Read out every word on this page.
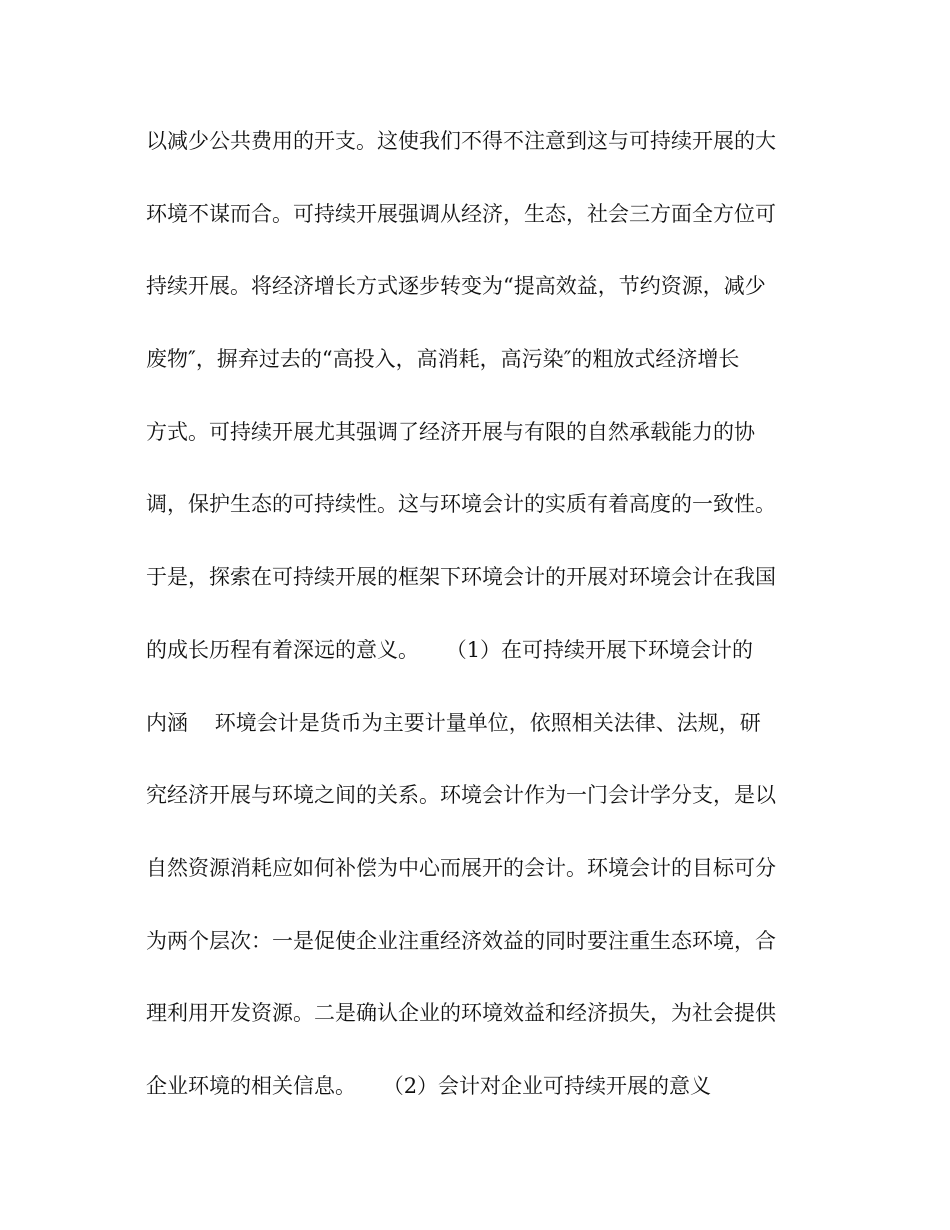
以减少公共费用的开支。这使我们不得不注意到这与可持续开展的大
环境不谋而合。可持续开展强调从经济，生态，社会三方面全方位可
持续开展。将经济增长方式逐步转变为“提高效益，节约资源，减少
废物″，摒弃过去的“高投入，高消耗，高污染″的粗放式经济增长
方式。可持续开展尤其强调了经济开展与有限的自然承载能力的协
调，保护生态的可持续性。这与环境会计的实质有着高度的一致性。
于是，探索在可持续开展的框架下环境会计的开展对环境会计在我国
的成长历程有着深远的意义。    （1）在可持续开展下环境会计的
内涵    环境会计是货币为主要计量单位，依照相关法律、法规，研
究经济开展与环境之间的关系。环境会计作为一门会计学分支，是以
自然资源消耗应如何补偿为中心而展开的会计。环境会计的目标可分
为两个层次：一是促使企业注重经济效益的同时要注重生态环境，合
理利用开发资源。二是确认企业的环境效益和经济损失，为社会提供
企业环境的相关信息。    （2）会计对企业可持续开展的意义
